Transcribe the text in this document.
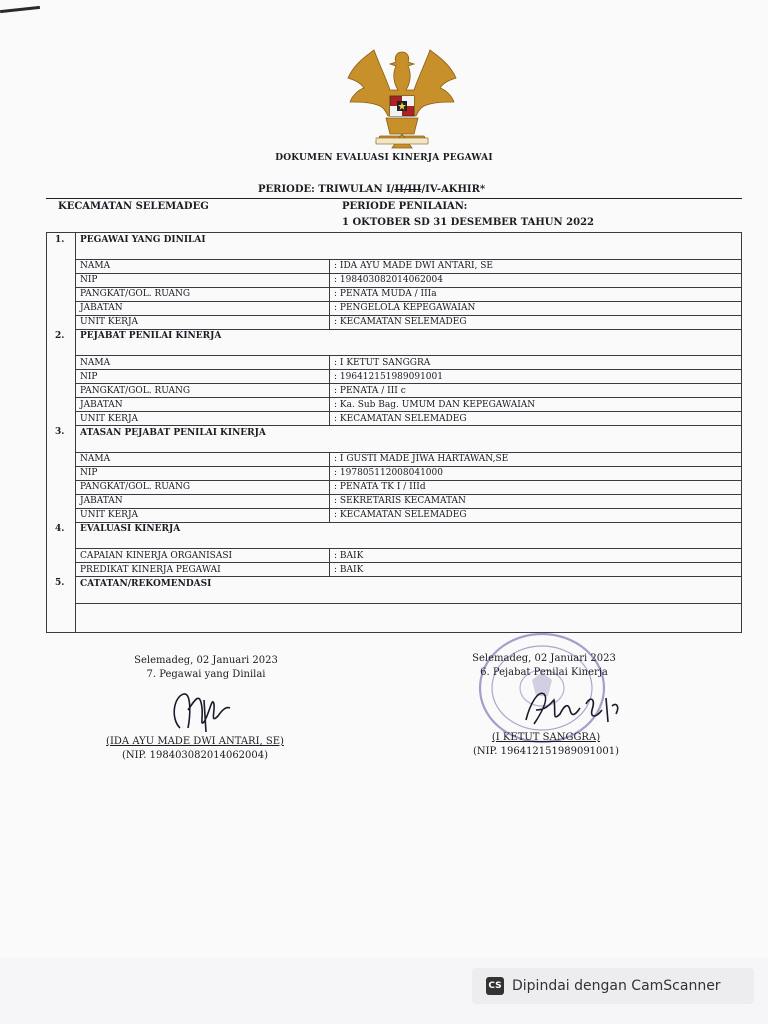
DOKUMEN EVALUASI KINERJA PEGAWAI
PERIODE: TRIWULAN I/II/III/IV-AKHIR*
KECAMATAN SELEMADEG	PERIODE PENILAIAN:
1 OKTOBER SD 31 DESEMBER TAHUN 2022
1.	PEGAWAI YANG DINILAI	

	NAMA	: IDA AYU MADE DWI ANTARI, SE
	NIP	: 198403082014062004
	PANGKAT/GOL. RUANG	: PENATA MUDA / IIIa
	JABATAN	: PENGELOLA KEPEGAWAIAN
	UNIT KERJA	: KECAMATAN SELEMADEG
2.	PEJABAT PENILAI KINERJA	

	NAMA	: I KETUT SANGGRA
	NIP	: 196412151989091001
	PANGKAT/GOL. RUANG	: PENATA / III c
	JABATAN	: Ka. Sub Bag. UMUM DAN KEPEGAWAIAN
	UNIT KERJA	: KECAMATAN SELEMADEG
3.	ATASAN PEJABAT PENILAI KINERJA	

	NAMA	: I GUSTI MADE JIWA HARTAWAN,SE
	NIP	: 197805112008041000
	PANGKAT/GOL. RUANG	: PENATA TK I / IIId
	JABATAN	: SEKRETARIS KECAMATAN
	UNIT KERJA	: KECAMATAN SELEMADEG
4.	EVALUASI KINERJA	

	CAPAIAN KINERJA ORGANISASI	: BAIK
	PREDIKAT KINERJA PEGAWAI	: BAIK
5.	CATATAN/REKOMENDASI	

Selemadeg, 02 Januari 2023
7. Pegawai yang Dinilai
(IDA AYU MADE DWI ANTARI, SE)
(NIP. 198403082014062004)
Selemadeg, 02 Januari 2023
6. Pejabat Penilai Kinerja
(I KETUT SANGGRA)
(NIP. 196412151989091001)
CS Dipindai dengan CamScanner
